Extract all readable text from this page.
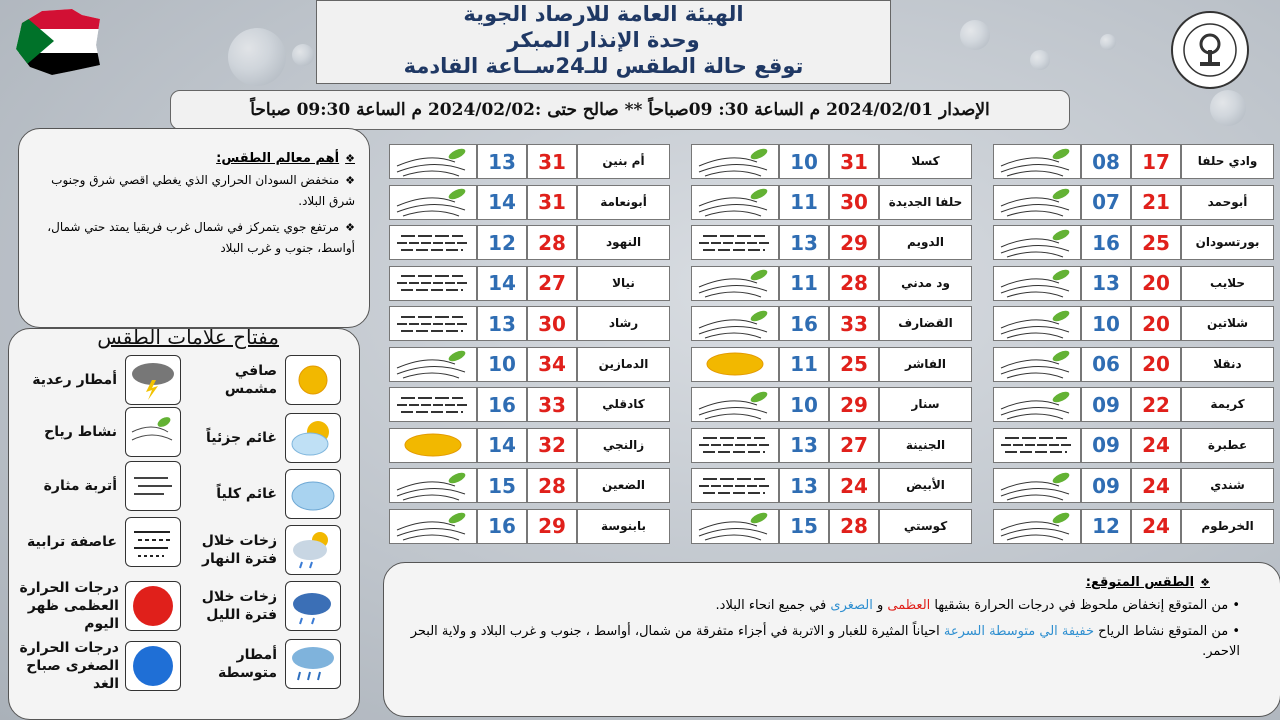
الهيئة العامة للارصاد الجوية
وحدة الإنذار المبكر
توقع حالة الطقس للـ24ســاعة القادمة
الإصدار 2024/02/01 م الساعة 30: 09صباحاً ** صالح حتى :2024/02/02 م الساعة 09:30 صباحاً
❖أهم معالم الطقس:

❖منخفض السودان الحراري الذي يغطي اقصي شرق وجنوب شرق البلاد.

❖مرتفع جوي يتمركز في شمال غرب فريقيا يمتد حتي شمال، أواسط، جنوب و غرب البلاد

مفتاح علامات الطقس
صافي مشمس
غائم جزئياً
غائم كلياً
زخات خلال فترة النهار
زخات خلال فترة الليل
أمطار متوسطة
أمطار رعدية
نشاط رياح
أتربة مثارة
عاصفة ترابية
درجات الحرارة العظمى ظهر اليوم
درجات الحرارة الصغرى صباح الغد
وادي حلفا
17
08
أبوحمد
21
07
بورتسودان
25
16
حلايب
20
13
شلاتين
20
10
دنقلا
20
06
كريمة
22
09
عطبرة
24
09
شندي
24
09
الخرطوم
24
12
كسلا
31
10
حلفا الجديدة
30
11
الدويم
29
13
ود مدني
28
11
القضارف
33
16
الفاشر
25
11
سنار
29
10
الجنينة
27
13
الأبيض
24
13
كوستي
28
15
أم بنين
31
13
أبونعامة
31
14
النهود
28
12
نيالا
27
14
رشاد
30
13
الدمازين
34
10
كادقلي
33
16
زالنجي
32
14
الضعين
28
15
بابنوسة
29
16
❖الطقس المتوقع:

• من المتوقع إنخفاض ملحوظ في درجات الحرارة بشقيها العظمى و الصغرى في جميع انحاء البلاد.

• من المتوقع نشاط الرياح خفيفة الي متوسطة السرعة احياناً المثيرة للغبار و الاتربة في أجزاء متفرقة من شمال، أواسط ، جنوب و غرب البلاد و ولاية البحر الاحمر.
